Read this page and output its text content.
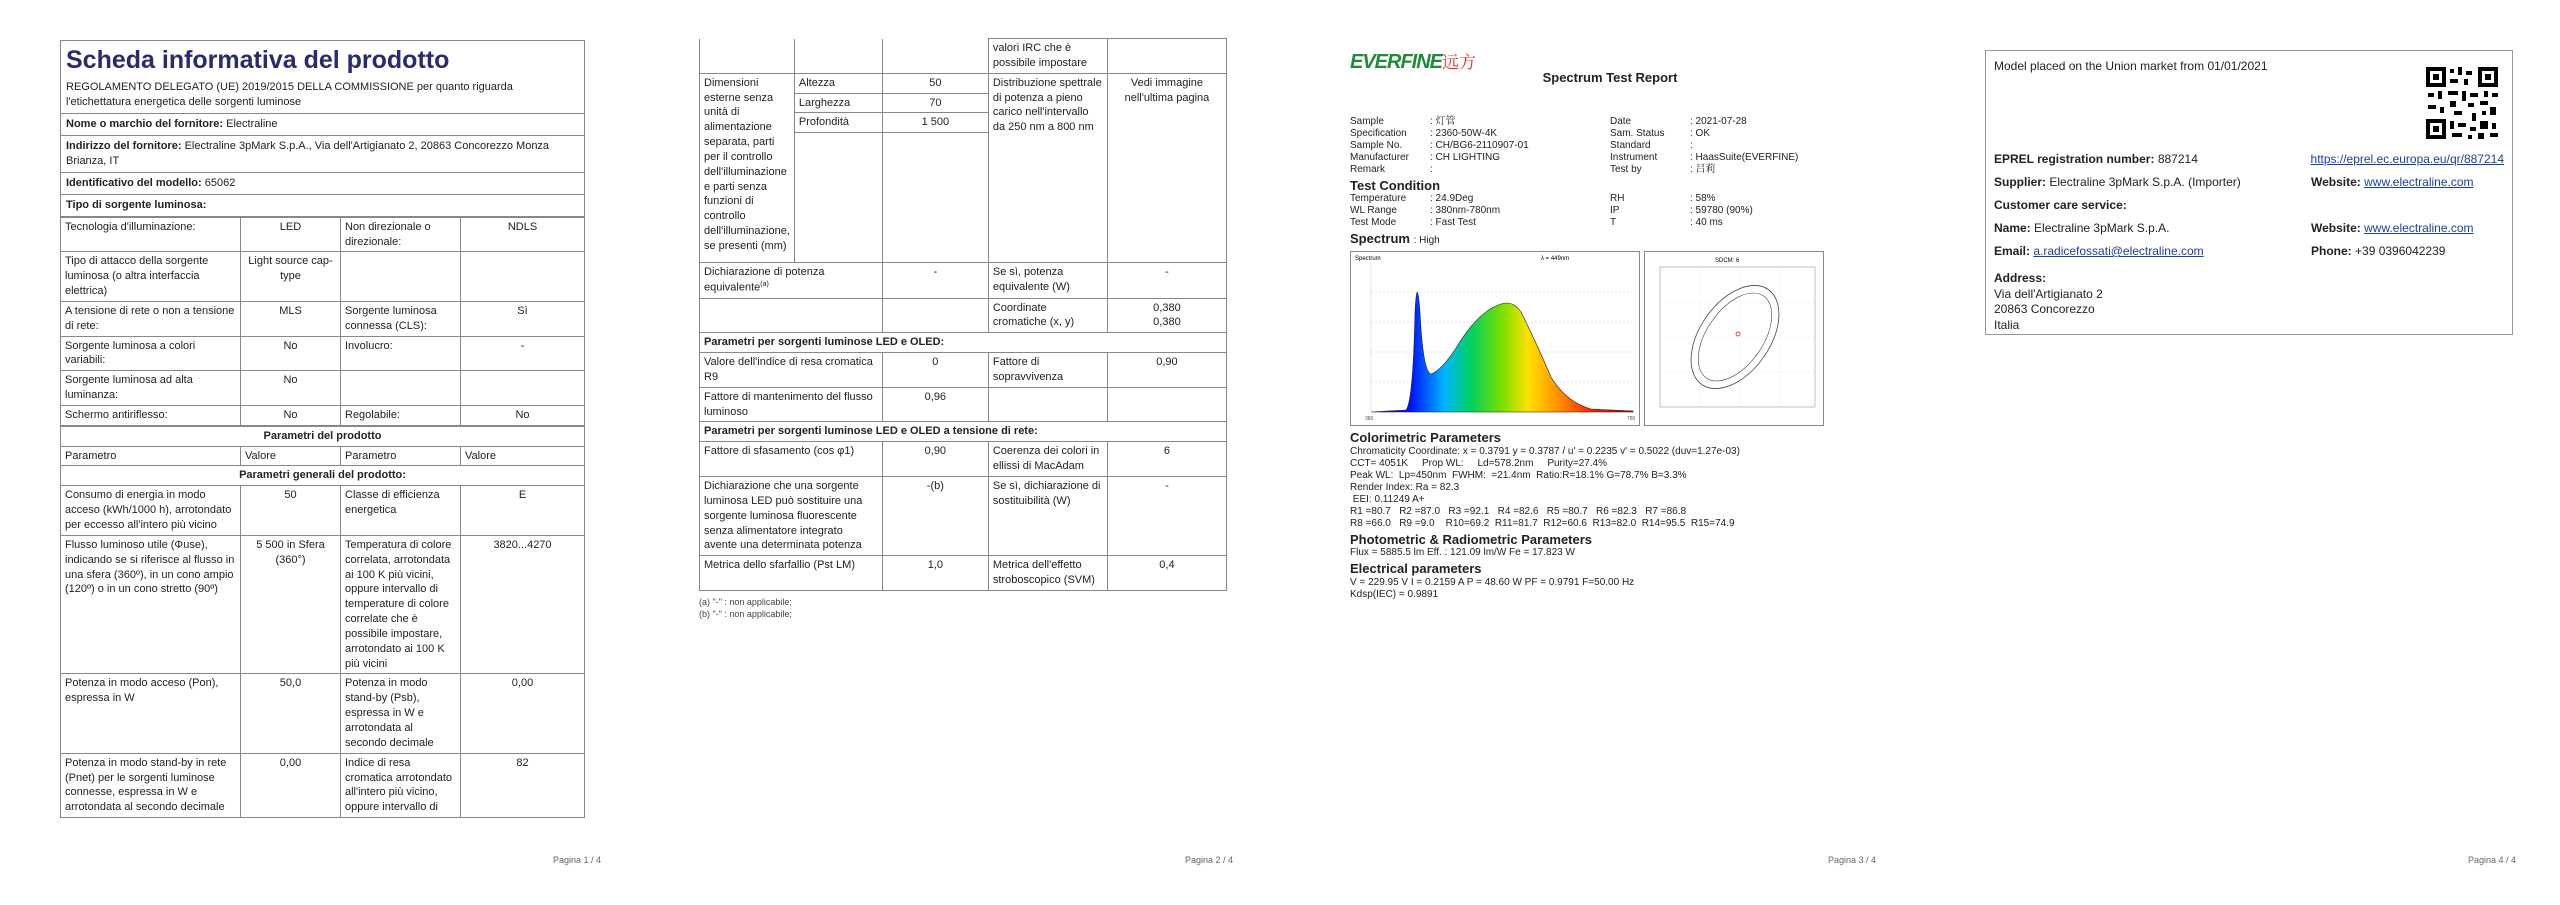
Scheda informativa del prodotto
REGOLAMENTO DELEGATO (UE) 2019/2015 DELLA COMMISSIONE per quanto riguarda l'etichettatura energetica delle sorgenti luminose
Nome o marchio del fornitore: Electraline
Indirizzo del fornitore: Electraline 3pMark S.p.A., Via dell'Artigianato 2, 20863 Concorezzo Monza Brianza, IT
Identificativo del modello: 65062
Tipo di sorgente luminosa:
Tecnologia d'illuminazione:	LED	Non direzionale o direzionale:	NDLS
Tipo di attacco della sorgente luminosa (o altra interfaccia elettrica)	Light source cap-type		
A tensione di rete o non a tensione di rete:	MLS	Sorgente luminosa connessa (CLS):	Sì
Sorgente luminosa a colori variabili:	No	Involucro:	-
Sorgente luminosa ad alta luminanza:	No		
Schermo antiriflesso:	No	Regolabile:	No
Parametri del prodotto			
Parametro	Valore	Parametro	Valore
Parametri generali del prodotto:			
Consumo di energia in modo acceso (kWh/1000 h), arrotondato per eccesso all'intero più vicino	50	Classe di efficienza energetica	E
Flusso luminoso utile (Φuse), indicando se si riferisce al flusso in una sfera (360º), in un cono ampio (120º) o in un cono stretto (90º)	5 500 in Sfera (360°)	Temperatura di colore correlata, arrotondata ai 100 K più vicini, oppure intervallo di temperature di colore correlate che è possibile impostare, arrotondato ai 100 K più vicini	3820...4270
Potenza in modo acceso (Pon), espressa in W	50,0	Potenza in modo stand-by (Psb), espressa in W e arrotondata al secondo decimale	0,00
Potenza in modo stand-by in rete (Pnet) per le sorgenti luminose connesse, espressa in W e arrotondata al secondo decimale	0,00	Indice di resa cromatica arrotondato all'intero più vicino, oppure intervallo di	82
Pagina 1 / 4
			valori IRC che è possibile impostare	
Dimensioni esterne senza unità di alimentazione separata, parti per il controllo dell'illuminazione e parti senza funzioni di controllo dell'illuminazione, se presenti (mm)	Altezza	50	Distribuzione spettrale di potenza a pieno carico nell'intervallo da 250 nm a 800 nm	Vedi immagine nell'ultima pagina
	Larghezza	70		
	Profondità	1 500		

Dichiarazione di potenza equivalente$^{(a)}$		-	Se sì, potenza equivalente (W)	-
			Coordinate cromatiche (x, y)	0,380
0,380
Parametri per sorgenti luminose LED e OLED:				
Valore dell'indice di resa cromatica R9		0	Fattore di sopravvivenza	0,90
Fattore di mantenimento del flusso luminoso		0,96		
Parametri per sorgenti luminose LED e OLED a tensione di rete:				
Fattore di sfasamento (cos φ1)		0,90	Coerenza dei colori in ellissi di MacAdam	6
Dichiarazione che una sorgente luminosa LED può sostituire una sorgente luminosa fluorescente senza alimentatore integrato avente una determinata potenza		-(b)	Se sì, dichiarazione di sostituibilità (W)	-
Metrica dello sfarfallio (Pst LM)		1,0	Metrica dell'effetto stroboscopico (SVM)	0,4
(a) "-" : non applicabile;
(b) "-" : non applicabile;
Pagina 2 / 4
EVERFINE远方
Spectrum Test Report
Sample	: 灯管	Date	: 2021-07-28
Specification	: 2360-50W-4K	Sam. Status	: OK
Sample No.	: CH/BG6-2110907-01	Standard	:
Manufacturer	: CH LIGHTING	Instrument	: HaasSuite(EVERFINE)
Remark	:	Test by	: 吕莉
Test Condition
Temperature	: 24.9Deg	RH	: 58%
WL Range	: 380nm-780nm	IP	: 59780 (90%)
Test Mode	: Fast Test	T	: 40 ms
Spectrum : High
Spectrum	λ = 449nm
380	780
SDCM: 6
Colorimetric Parameters
Chromaticity Coordinate: x = 0.3791 y = 0.3787 / u' = 0.2235 v' = 0.5022 (duv=1.27e-03)
CCT= 4051K     Prop WL:     Ld=578.2nm     Purity=27.4%
Peak WL:  Lp=450nm  FWHM:  =21.4nm  Ratio:R=18.1% G=78.7% B=3.3%
Render Index: Ra = 82.3
EEI: 0.11249 A+
R1 =80.7   R2 =87.0   R3 =92.1   R4 =82.6   R5 =80.7   R6 =82.3   R7 =86.8
R8 =66.0   R9 =9.0    R10=69.2  R11=81.7  R12=60.6  R13=82.0  R14=95.5  R15=74.9
Photometric & Radiometric Parameters
Flux = 5885.5 lm Eff. : 121.09 lm/W Fe = 17.823 W
Electrical parameters
V = 229.95 V I = 0.2159 A P = 48.60 W PF = 0.9791 F=50.00 Hz
Kdsp(IEC) = 0.9891
Pagina 3 / 4
Model placed on the Union market from 01/01/2021
EPREL registration number: 887214	https://eprel.ec.europa.eu/qr/887214
Supplier: Electraline 3pMark S.p.A. (Importer)	Website: www.electraline.com
Customer care service:
Name: Electraline 3pMark S.p.A.	Website: www.electraline.com
Email: a.radicefossati@electraline.com	Phone: +39 0396042239
Address:
Via dell'Artigianato 2
20863 Concorezzo
Italia
Pagina 4 / 4
